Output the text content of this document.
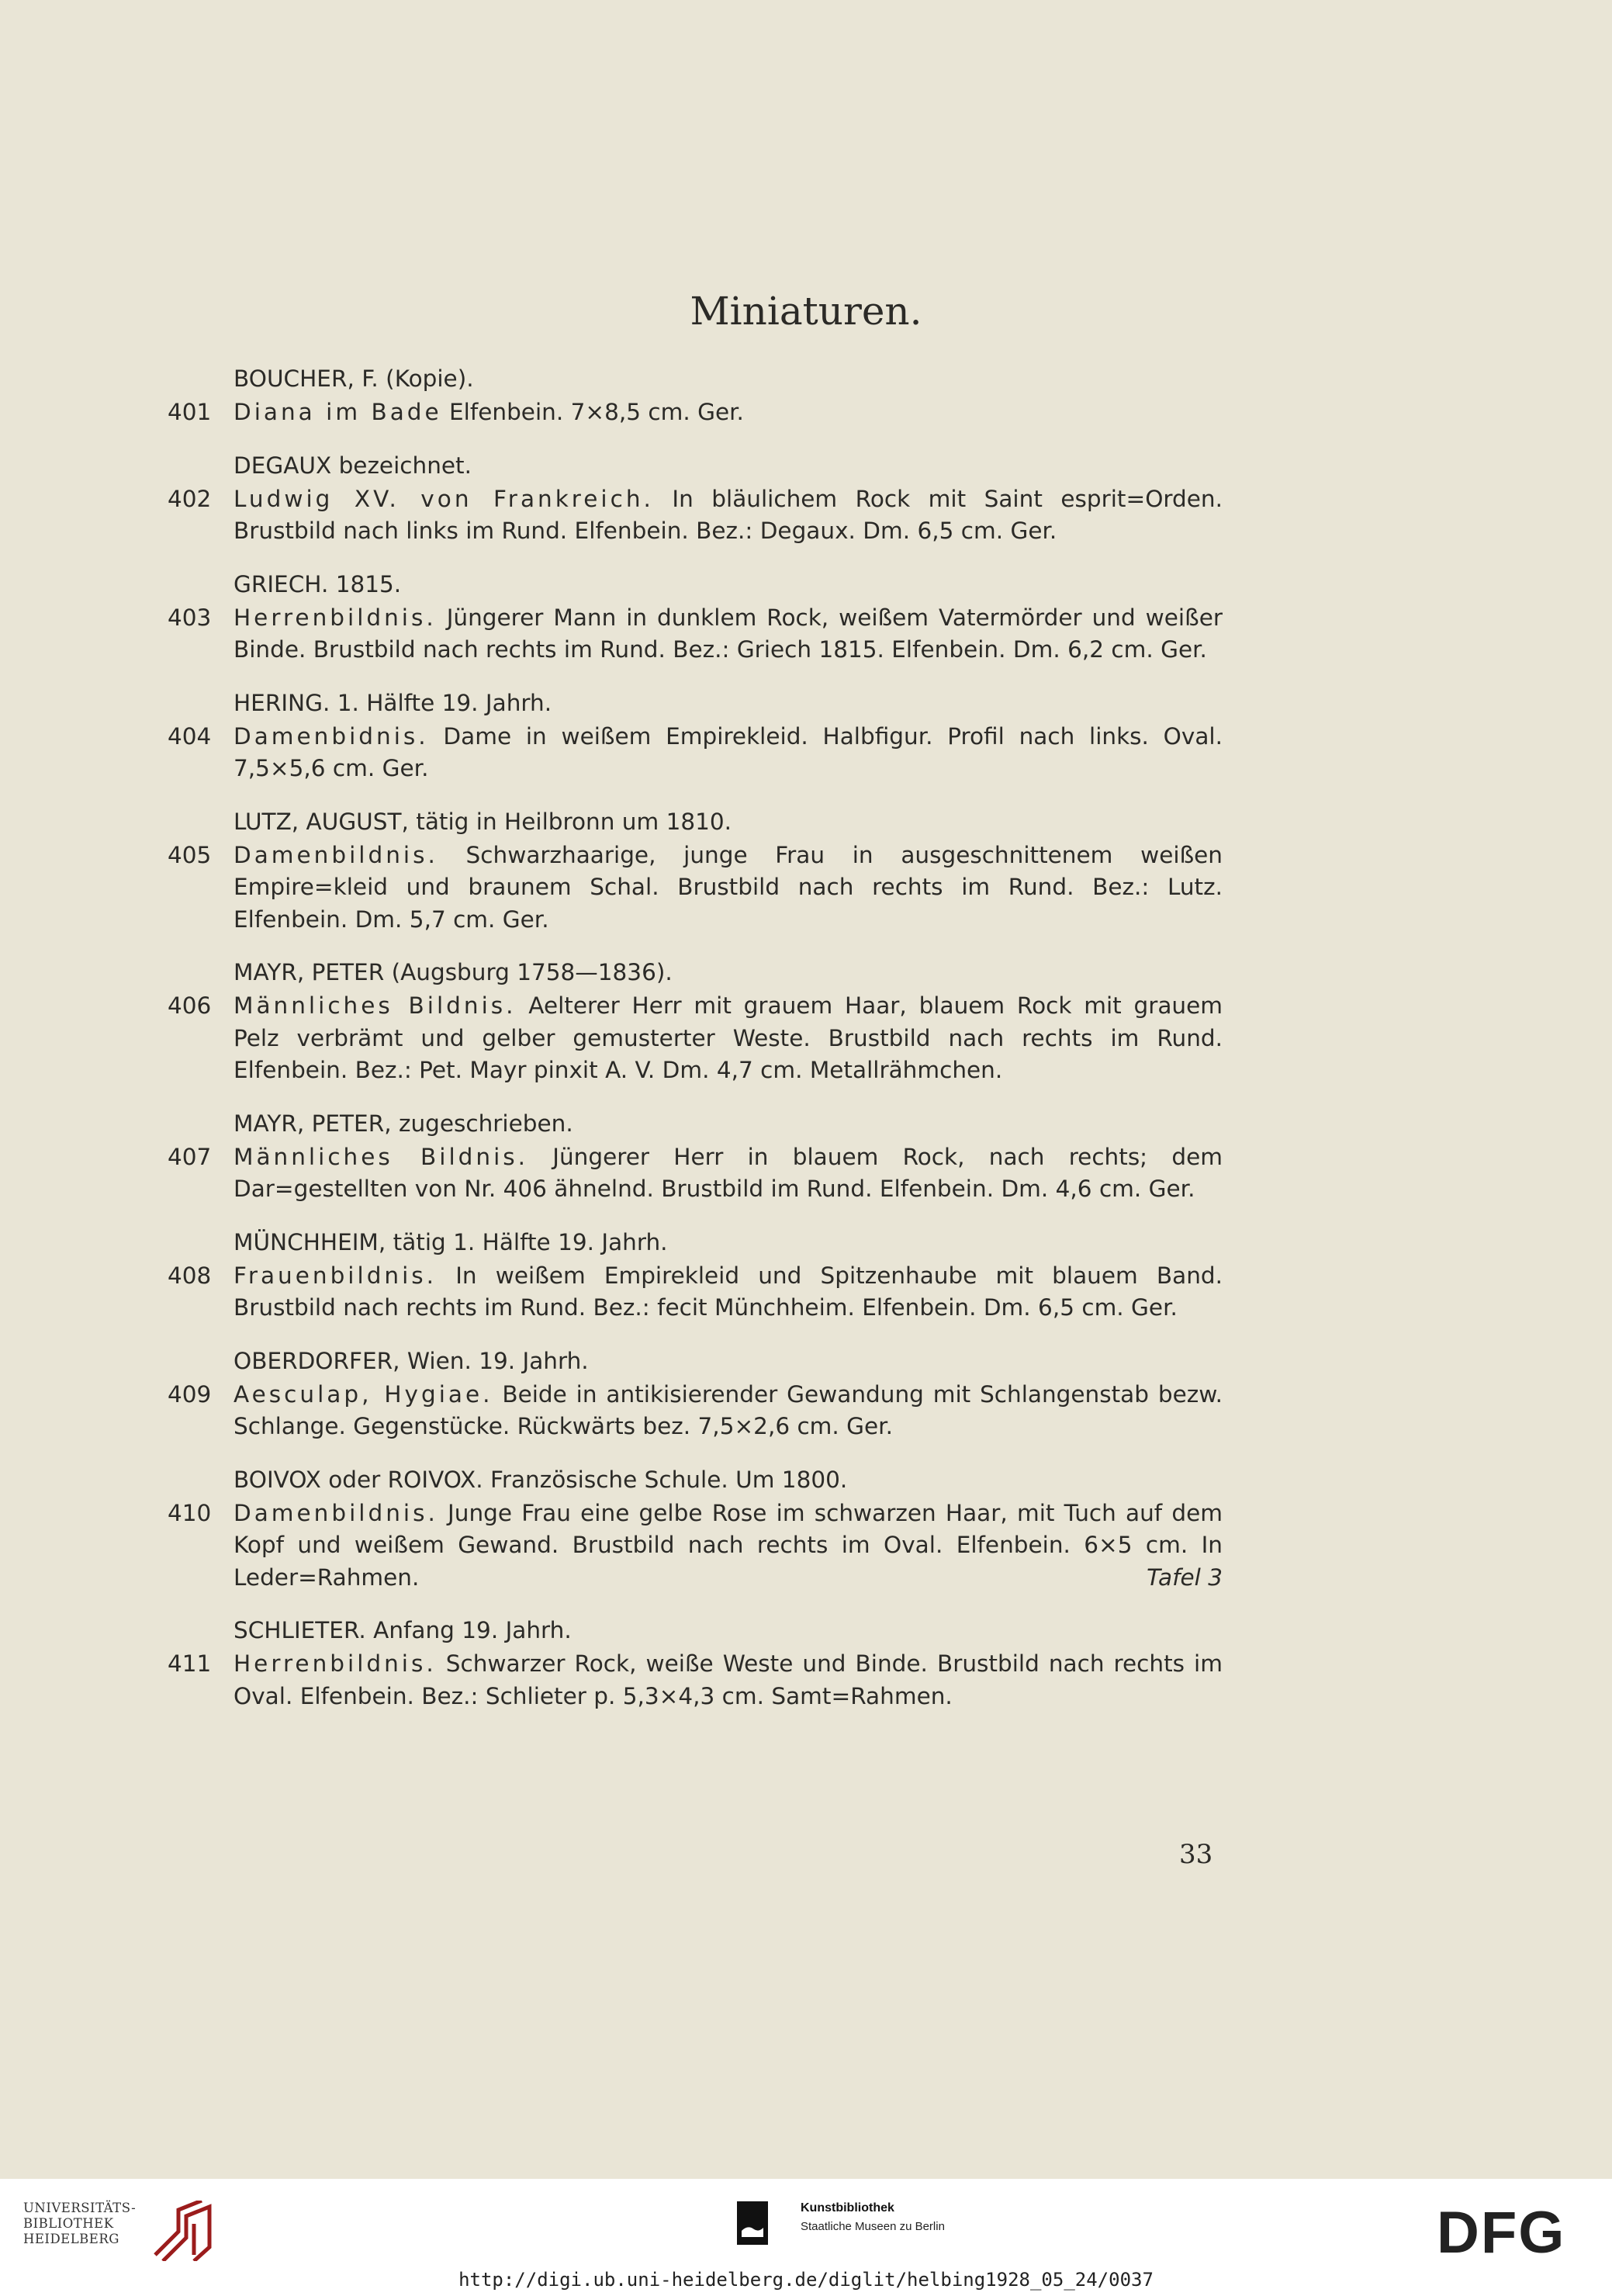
Miniaturen.
BOUCHER, F. (Kopie).
401 Diana im Bade Elfenbein. 7×8,5 cm. Ger.
DEGAUX bezeichnet.
402 Ludwig XV. von Frankreich. In bläulichem Rock mit Saint esprit=Orden. Brustbild nach links im Rund. Elfenbein. Bez.: Degaux. Dm. 6,5 cm. Ger.
GRIECH. 1815.
403 Herrenbildnis. Jüngerer Mann in dunklem Rock, weißem Vatermörder und weißer Binde. Brustbild nach rechts im Rund. Bez.: Griech 1815. Elfenbein. Dm. 6,2 cm. Ger.
HERING. 1. Hälfte 19. Jahrh.
404 Damenbidnis. Dame in weißem Empirekleid. Halbfigur. Profil nach links. Oval. 7,5×5,6 cm. Ger.
LUTZ, AUGUST, tätig in Heilbronn um 1810.
405 Damenbildnis. Schwarzhaarige, junge Frau in ausgeschnittenem weißen Empire=kleid und braunem Schal. Brustbild nach rechts im Rund. Bez.: Lutz. Elfenbein. Dm. 5,7 cm. Ger.
MAYR, PETER (Augsburg 1758—1836).
406 Männliches Bildnis. Aelterer Herr mit grauem Haar, blauem Rock mit grauem Pelz verbrämt und gelber gemusterter Weste. Brustbild nach rechts im Rund. Elfenbein. Bez.: Pet. Mayr pinxit A. V. Dm. 4,7 cm. Metallrähmchen.
MAYR, PETER, zugeschrieben.
407 Männliches Bildnis. Jüngerer Herr in blauem Rock, nach rechts; dem Dar=gestellten von Nr. 406 ähnelnd. Brustbild im Rund. Elfenbein. Dm. 4,6 cm. Ger.
MÜNCHHEIM, tätig 1. Hälfte 19. Jahrh.
408 Frauenbildnis. In weißem Empirekleid und Spitzenhaube mit blauem Band. Brustbild nach rechts im Rund. Bez.: fecit Münchheim. Elfenbein. Dm. 6,5 cm. Ger.
OBERDORFER, Wien. 19. Jahrh.
409 Aesculap, Hygiae. Beide in antikisierender Gewandung mit Schlangenstab bezw. Schlange. Gegenstücke. Rückwärts bez. 7,5×2,6 cm. Ger.
BOIVOX oder ROIVOX. Französische Schule. Um 1800.
410 Damenbildnis. Junge Frau eine gelbe Rose im schwarzen Haar, mit Tuch auf dem Kopf und weißem Gewand. Brustbild nach rechts im Oval. Elfenbein. 6×5 cm. In Leder=Rahmen.	Tafel 3
SCHLIETER. Anfang 19. Jahrh.
411 Herrenbildnis. Schwarzer Rock, weiße Weste und Binde. Brustbild nach rechts im Oval. Elfenbein. Bez.: Schlieter p. 5,3×4,3 cm. Samt=Rahmen.
33
UNIVERSITÄTS-
BIBLIOTHEK
HEIDELBERG
Kunstbibliothek
Staatliche Museen zu Berlin	DFG
http://digi.ub.uni-heidelberg.de/diglit/helbing1928_05_24/0037
